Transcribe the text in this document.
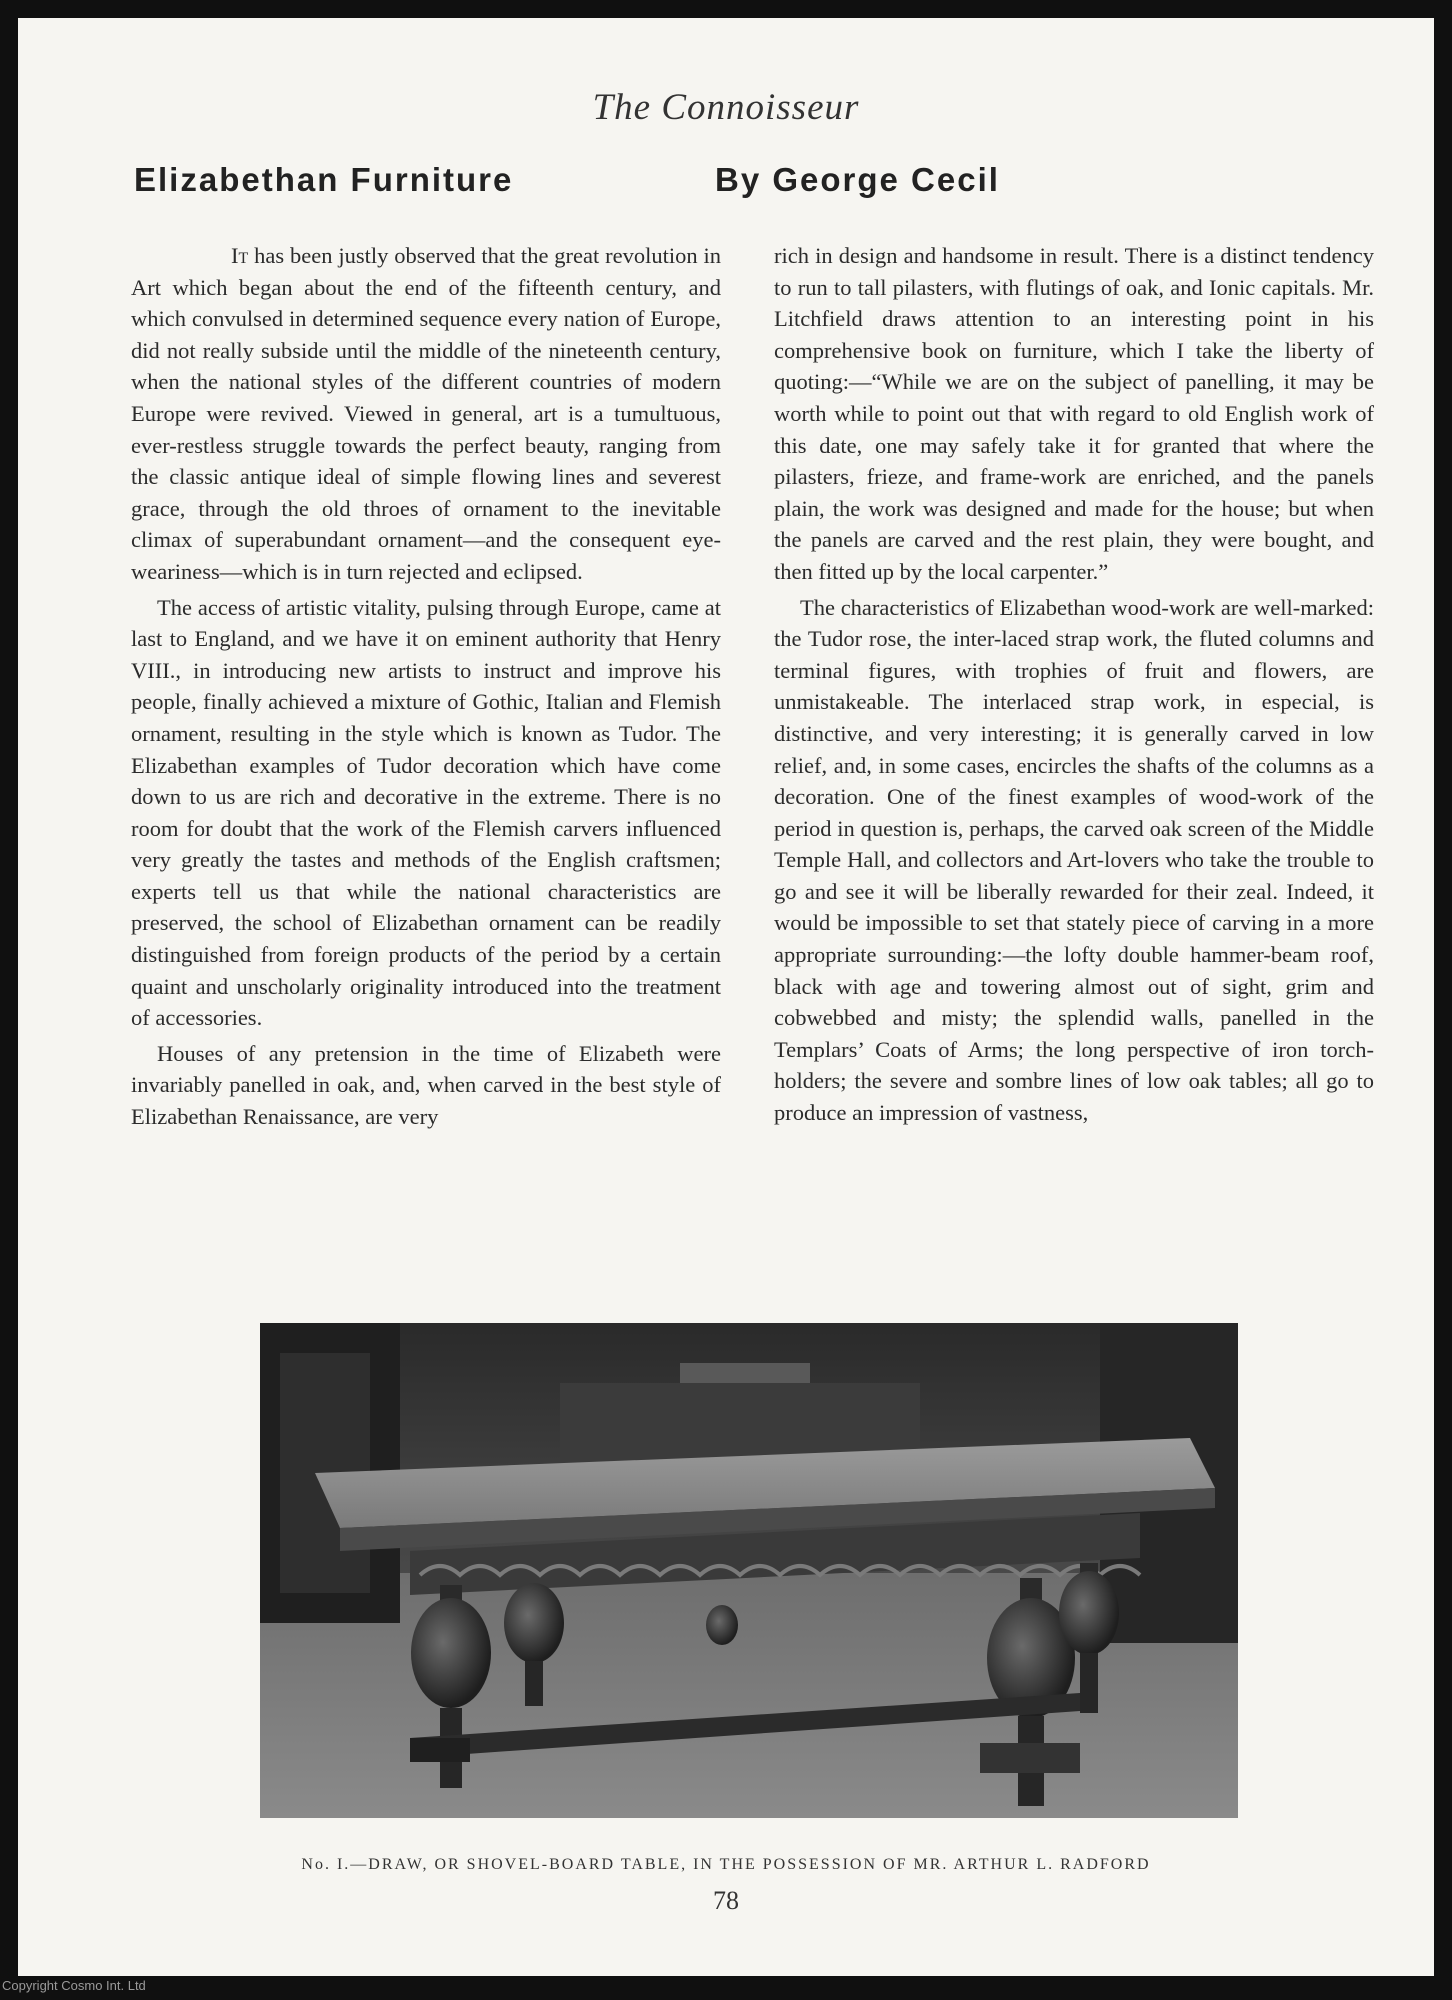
The Connoisseur
Elizabethan Furniture	By George Cecil

It has been justly observed that the great revolution in Art which began about the end of the fifteenth century, and which convulsed in determined sequence every nation of Europe, did not really subside until the middle of the nineteenth century, when the national styles of the different countries of modern Europe were revived. Viewed in general, art is a tumultuous, ever-restless struggle towards the perfect beauty, ranging from the classic antique ideal of simple flowing lines and severest grace, through the old throes of ornament to the inevitable climax of superabundant ornament—and the consequent eye-weariness—which is in turn rejected and eclipsed.

The access of artistic vitality, pulsing through Europe, came at last to England, and we have it on eminent authority that Henry VIII., in introducing new artists to instruct and improve his people, finally achieved a mixture of Gothic, Italian and Flemish ornament, resulting in the style which is known as Tudor. The Elizabethan examples of Tudor decoration which have come down to us are rich and decorative in the extreme. There is no room for doubt that the work of the Flemish carvers influenced very greatly the tastes and methods of the English craftsmen; experts tell us that while the national characteristics are preserved, the school of Elizabethan ornament can be readily distinguished from foreign products of the period by a certain quaint and unscholarly originality introduced into the treatment of accessories.

Houses of any pretension in the time of Elizabeth were invariably panelled in oak, and, when carved in the best style of Elizabethan Renaissance, are very

rich in design and handsome in result. There is a distinct tendency to run to tall pilasters, with flutings of oak, and Ionic capitals. Mr. Litchfield draws attention to an interesting point in his comprehensive book on furniture, which I take the liberty of quoting:—“While we are on the subject of panelling, it may be worth while to point out that with regard to old English work of this date, one may safely take it for granted that where the pilasters, frieze, and frame-work are enriched, and the panels plain, the work was designed and made for the house; but when the panels are carved and the rest plain, they were bought, and then fitted up by the local carpenter.”

The characteristics of Elizabethan wood-work are well-marked: the Tudor rose, the inter-laced strap work, the fluted columns and terminal figures, with trophies of fruit and flowers, are unmistakeable. The interlaced strap work, in especial, is distinctive, and very interesting; it is generally carved in low relief, and, in some cases, encircles the shafts of the columns as a decoration. One of the finest examples of wood-work of the period in question is, perhaps, the carved oak screen of the Middle Temple Hall, and collectors and Art-lovers who take the trouble to go and see it will be liberally rewarded for their zeal. Indeed, it would be impossible to set that stately piece of carving in a more appropriate surrounding:—the lofty double hammer-beam roof, black with age and towering almost out of sight, grim and cobwebbed and misty; the splendid walls, panelled in the Templars’ Coats of Arms; the long perspective of iron torch-holders; the severe and sombre lines of low oak tables; all go to produce an impression of vastness,

No. I.—DRAW, OR SHOVEL-BOARD TABLE, IN THE POSSESSION OF MR. ARTHUR L. RADFORD
78
Copyright Cosmo Int. Ltd
